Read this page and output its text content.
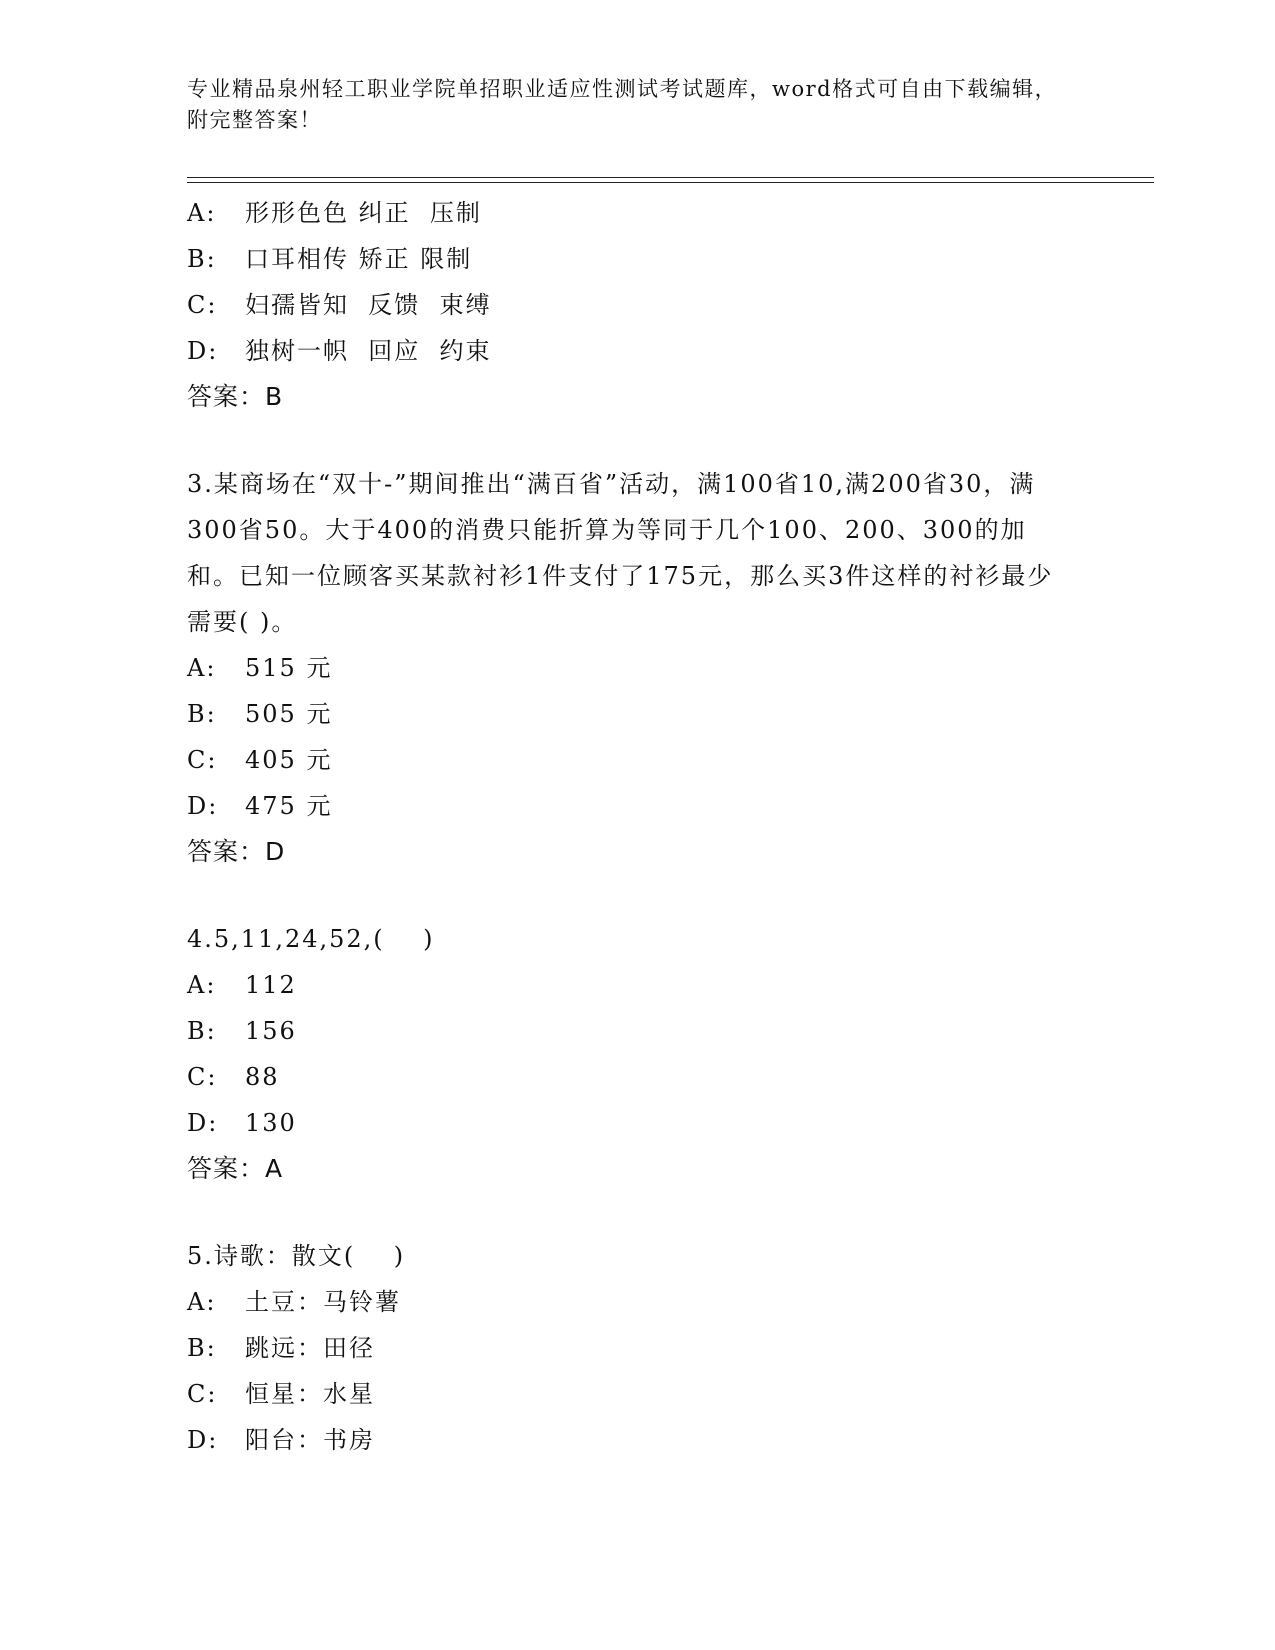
专业精品泉州轻工职业学院单招职业适应性测试考试题库，word格式可自由下载编辑，附完整答案！
A:	形形色色 纠正  压制
B:	口耳相传 矫正 限制
C:	妇孺皆知  反馈  束缚
D:	独树一帜  回应  约束
答案：B
3.某商场在“双十-”期间推出“满百省”活动，满100省10,满200省30，满300省50。大于400的消费只能折算为等同于几个100、200、300的加和。已知一位顾客买某款衬衫1件支付了175元，那么买3件这样的衬衫最少需要( )。
A:	515 元
B:	505 元
C:	405 元
D:	475 元
答案：D
4.5,11,24,52,(    )
A:	112
B:	156
C:	88
D:	130
答案：A
5.诗歌：散文(    )
A:	土豆：马铃薯
B:	跳远：田径
C:	恒星：水星
D:	阳台：书房
